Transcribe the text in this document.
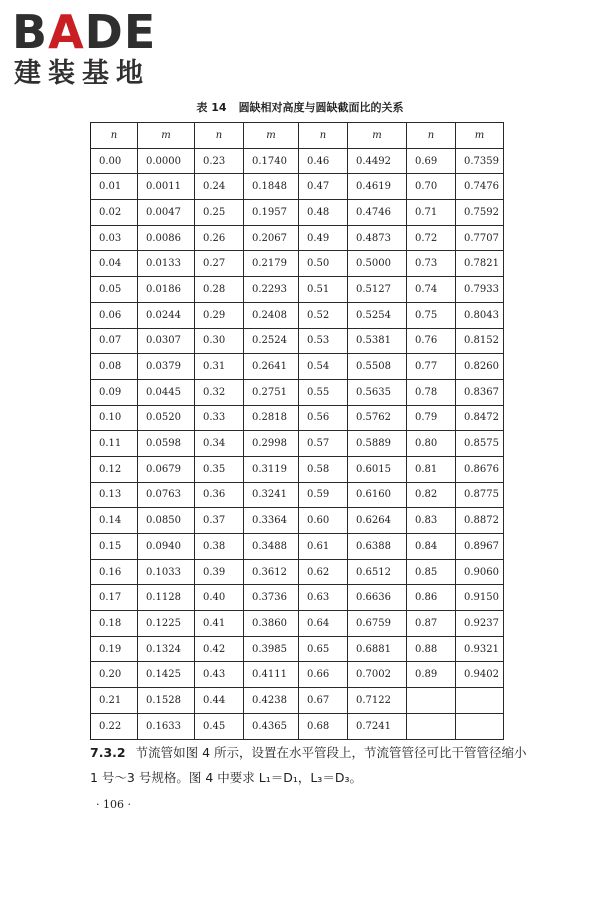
BADE
建装基地
表 14 圆缺相对高度与圆缺截面比的关系
n	m	n	m	n	m	n	m
0.00	0.0000	0.23	0.1740	0.46	0.4492	0.69	0.7359
0.01	0.0011	0.24	0.1848	0.47	0.4619	0.70	0.7476
0.02	0.0047	0.25	0.1957	0.48	0.4746	0.71	0.7592
0.03	0.0086	0.26	0.2067	0.49	0.4873	0.72	0.7707
0.04	0.0133	0.27	0.2179	0.50	0.5000	0.73	0.7821
0.05	0.0186	0.28	0.2293	0.51	0.5127	0.74	0.7933
0.06	0.0244	0.29	0.2408	0.52	0.5254	0.75	0.8043
0.07	0.0307	0.30	0.2524	0.53	0.5381	0.76	0.8152
0.08	0.0379	0.31	0.2641	0.54	0.5508	0.77	0.8260
0.09	0.0445	0.32	0.2751	0.55	0.5635	0.78	0.8367
0.10	0.0520	0.33	0.2818	0.56	0.5762	0.79	0.8472
0.11	0.0598	0.34	0.2998	0.57	0.5889	0.80	0.8575
0.12	0.0679	0.35	0.3119	0.58	0.6015	0.81	0.8676
0.13	0.0763	0.36	0.3241	0.59	0.6160	0.82	0.8775
0.14	0.0850	0.37	0.3364	0.60	0.6264	0.83	0.8872
0.15	0.0940	0.38	0.3488	0.61	0.6388	0.84	0.8967
0.16	0.1033	0.39	0.3612	0.62	0.6512	0.85	0.9060
0.17	0.1128	0.40	0.3736	0.63	0.6636	0.86	0.9150
0.18	0.1225	0.41	0.3860	0.64	0.6759	0.87	0.9237
0.19	0.1324	0.42	0.3985	0.65	0.6881	0.88	0.9321
0.20	0.1425	0.43	0.4111	0.66	0.7002	0.89	0.9402
0.21	0.1528	0.44	0.4238	0.67	0.7122		
0.22	0.1633	0.45	0.4365	0.68	0.7241		
7.3.2 节流管如图 4 所示，设置在水平管段上，节流管管径可比干管管径缩小 1 号～3 号规格。图 4 中要求 L₁＝D₁，L₃＝D₃。
· 106 ·
